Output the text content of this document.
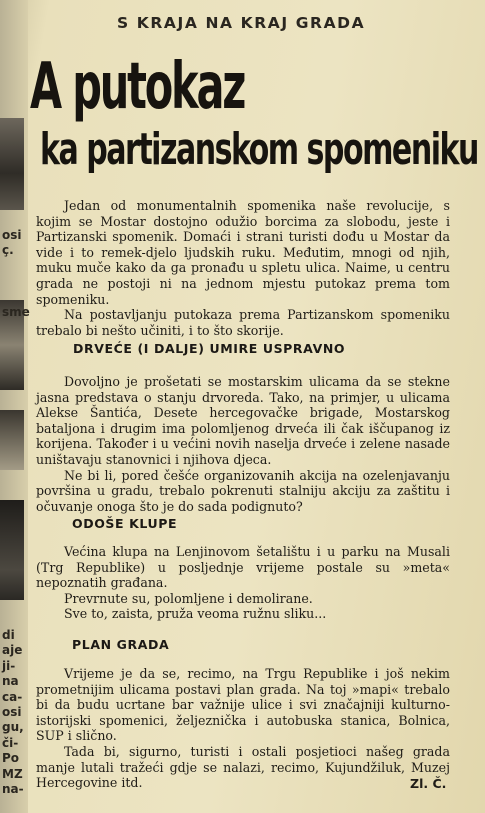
osi
ç.

sme
di
aje
ji-
na
ca-
osi
gu,
či-
Po
MZ
na-
S KRAJA NA KRAJ GRADA
A putokaz
ka partizanskom spomeniku

Jedan od monumentalnih spomenika naše revolucije, s kojim se Mostar dostojno odužio borcima za slobodu, jeste i Partizanski spomenik. Domaći i strani turisti dođu u Mostar da vide i to remek-djelo ljudskih ruku. Međutim, mnogi od njih, muku muče kako da ga pronađu u spletu ulica. Naime, u centru grada ne postoji ni na jednom mjestu putokaz prema tom spomeniku.

Na postavljanju putokaza prema Partizanskom spomeniku trebalo bi nešto učiniti, i to što skorije.

DRVEĆE (I DALJE) UMIRE USPRAVNO

Dovoljno je prošetati se mostarskim ulicama da se stekne jasna predstava o stanju drvoreda. Tako, na primjer, u ulicama Alekse Šantića, Desete hercegovačke brigade, Mostarskog bataljona i drugim ima polomljenog drveća ili čak iščupanog iz korijena. Također i u većini novih naselja drveće i zelene nasade uništavaju stanovnici i njihova djeca.

Ne bi li, pored češće organizovanih akcija na ozelenjavanju površina u gradu, trebalo pokrenuti stalniju akciju za zaštitu i očuvanje onoga što je do sada podignuto?

ODOŠE KLUPE

Većina klupa na Lenjinovom šetalištu i u parku na Musali (Trg Republike) u posljednje vrijeme postale su »meta« nepoznatih građana.

Prevrnute su, polomljene i demolirane.

Sve to, zaista, pruža veoma ružnu sliku...

PLAN GRADA

Vrijeme je da se, recimo, na Trgu Republike i još nekim prometnijim ulicama postavi plan grada. Na toj »mapi« trebalo bi da budu ucrtane bar važnije ulice i svi značajniji kulturno-istorijski spomenici, željeznička i autobuska stanica, Bolnica, SUP i slično.

Tada bi, sigurno, turisti i ostali posjetioci našeg grada manje lutali tražeći gdje se nalazi, recimo, Kujundžiluk, Muzej Hercegovine itd.	Zl. Č.
